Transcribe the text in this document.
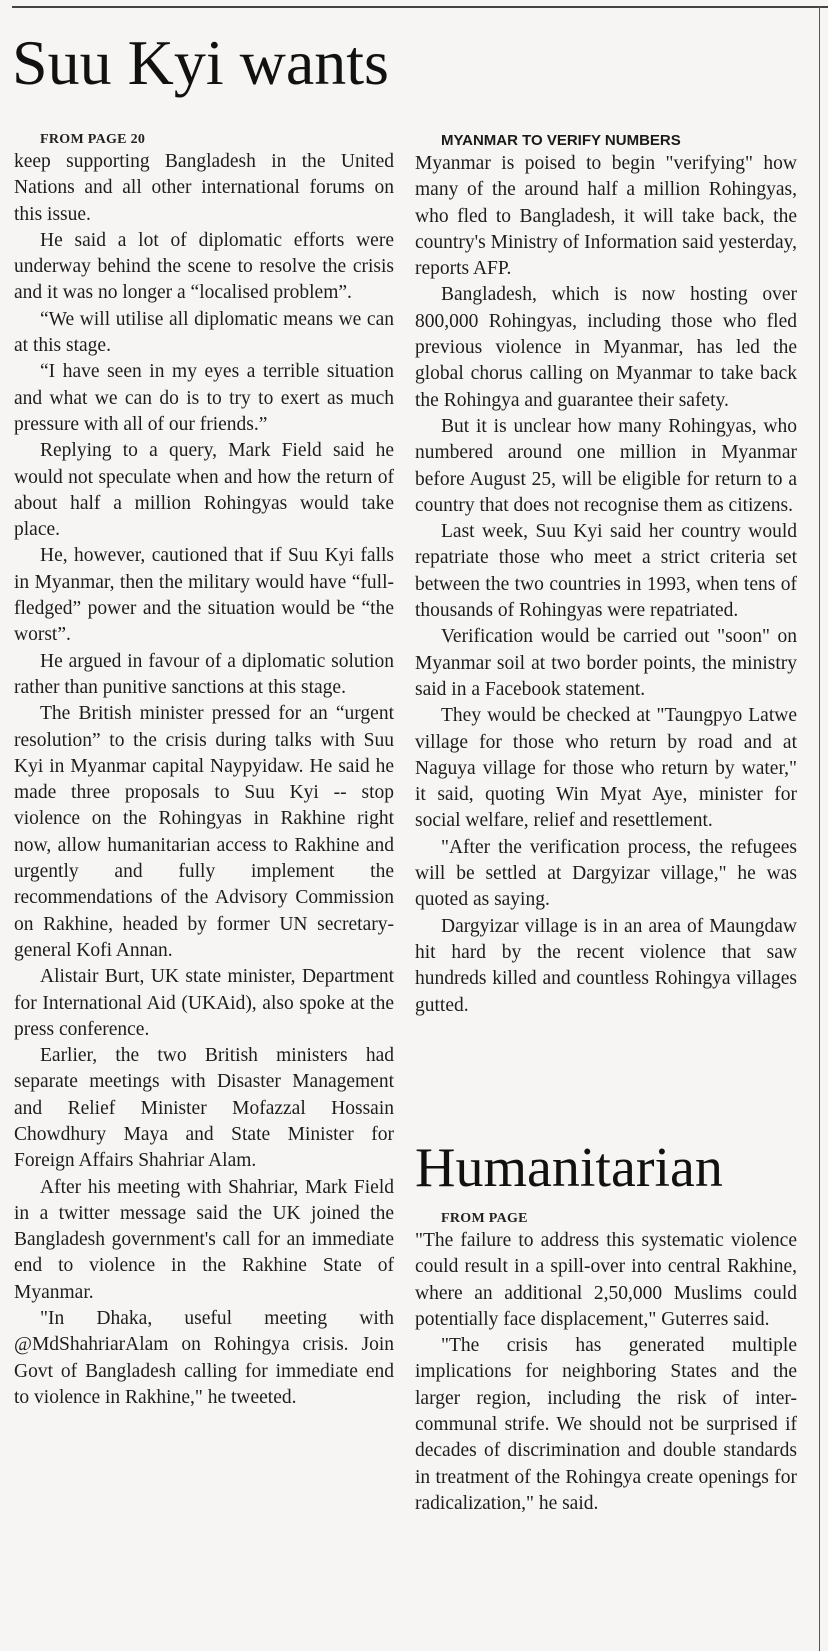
Suu Kyi wants

FROM PAGE 20

keep supporting Bangladesh in the United Nations and all other international forums on this issue.

He said a lot of diplomatic efforts were underway behind the scene to resolve the crisis and it was no longer a “localised problem”.

“We will utilise all diplomatic means we can at this stage.

“I have seen in my eyes a terrible situation and what we can do is to try to exert as much pressure with all of our friends.”

Replying to a query, Mark Field said he would not speculate when and how the return of about half a million Rohingyas would take place.

He, however, cautioned that if Suu Kyi falls in Myanmar, then the military would have “full-fledged” power and the situation would be “the worst”.

He argued in favour of a diplomatic solution rather than punitive sanctions at this stage.

The British minister pressed for an “urgent resolution” to the crisis during talks with Suu Kyi in Myanmar capital Naypyidaw. He said he made three proposals to Suu Kyi -- stop violence on the Rohingyas in Rakhine right now, allow humanitarian access to Rakhine and urgently and fully implement the recommendations of the Advisory Commission on Rakhine, headed by former UN secretary-general Kofi Annan.

Alistair Burt, UK state minister, Department for International Aid (UKAid), also spoke at the press conference.

Earlier, the two British ministers had separate meetings with Disaster Management and Relief Minister Mofazzal Hossain Chowdhury Maya and State Minister for Foreign Affairs Shahriar Alam.

After his meeting with Shahriar, Mark Field in a twitter message said the UK joined the Bangladesh government's call for an immediate end to violence in the Rakhine State of Myanmar.

"In Dhaka, useful meeting with @MdShahriarAlam on Rohingya crisis. Join Govt of Bangladesh calling for immediate end to violence in Rakhine," he tweeted.

MYANMAR TO VERIFY NUMBERS

Myanmar is poised to begin "verifying" how many of the around half a million Rohingyas, who fled to Bangladesh, it will take back, the country's Ministry of Information said yesterday, reports AFP.

Bangladesh, which is now hosting over 800,000 Rohingyas, including those who fled previous violence in Myanmar, has led the global chorus calling on Myanmar to take back the Rohingya and guarantee their safety.

But it is unclear how many Rohingyas, who numbered around one million in Myanmar before August 25, will be eligible for return to a country that does not recognise them as citizens.

Last week, Suu Kyi said her country would repatriate those who meet a strict criteria set between the two countries in 1993, when tens of thousands of Rohingyas were repatriated.

Verification would be carried out "soon" on Myanmar soil at two border points, the ministry said in a Facebook statement.

They would be checked at "Taungpyo Latwe village for those who return by road and at Naguya village for those who return by water," it said, quoting Win Myat Aye, minister for social welfare, relief and resettlement.

"After the verification process, the refugees will be settled at Dargyizar village," he was quoted as saying.

Dargyizar village is in an area of Maungdaw hit hard by the recent violence that saw hundreds killed and countless Rohingya villages gutted.

Humanitarian

FROM PAGE

"The failure to address this systematic violence could result in a spill-over into central Rakhine, where an additional 2,50,000 Muslims could potentially face displacement," Guterres said.

"The crisis has generated multiple implications for neighboring States and the larger region, including the risk of inter-communal strife. We should not be surprised if decades of discrimination and double standards in treatment of the Rohingya create openings for radicalization," he said.
